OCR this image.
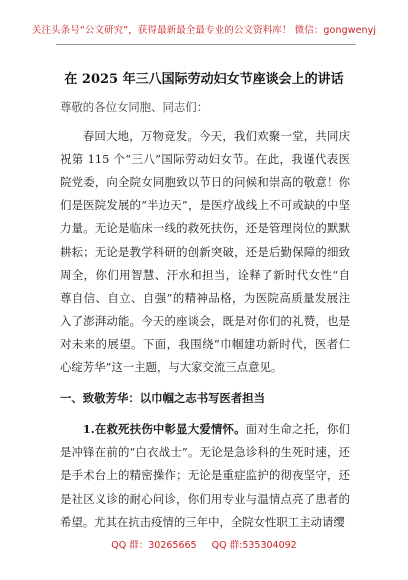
关注头条号“公文研究”，获得最新最全最专业的公文资料库！ 微信：gongwenyj
在 2025 年三八国际劳动妇女节座谈会上的讲话

尊敬的各位女同胞、同志们：

春回大地，万物竞发。今天，我们欢聚一堂，共同庆祝第 115 个“三八”国际劳动妇女节。在此，我谨代表医院党委，向全院女同胞致以节日的问候和崇高的敬意！你们是医院发展的“半边天”，是医疗战线上不可或缺的中坚力量。无论是临床一线的救死扶伤，还是管理岗位的默默耕耘；无论是教学科研的创新突破，还是后勤保障的细致周全，你们用智慧、汗水和担当，诠释了新时代女性“自尊自信、自立、自强”的精神品格，为医院高质量发展注入了澎湃动能。今天的座谈会，既是对你们的礼赞，也是对未来的展望。下面，我围绕“巾帼建功新时代，医者仁心绽芳华”这一主题，与大家交流三点意见。

一、致敬芳华：以巾帼之志书写医者担当

1.在救死扶伤中彰显大爱情怀。面对生命之托，你们是冲锋在前的“白衣战士”。无论是急诊科的生死时速，还是手术台上的精密操作；无论是重症监护的彻夜坚守，还是社区义诊的耐心问诊，你们用专业与温情点亮了患者的希望。尤其在抗击疫情的三年中，全院女性职工主动请缨

QQ 群：30265665 QQ 群:535304092
